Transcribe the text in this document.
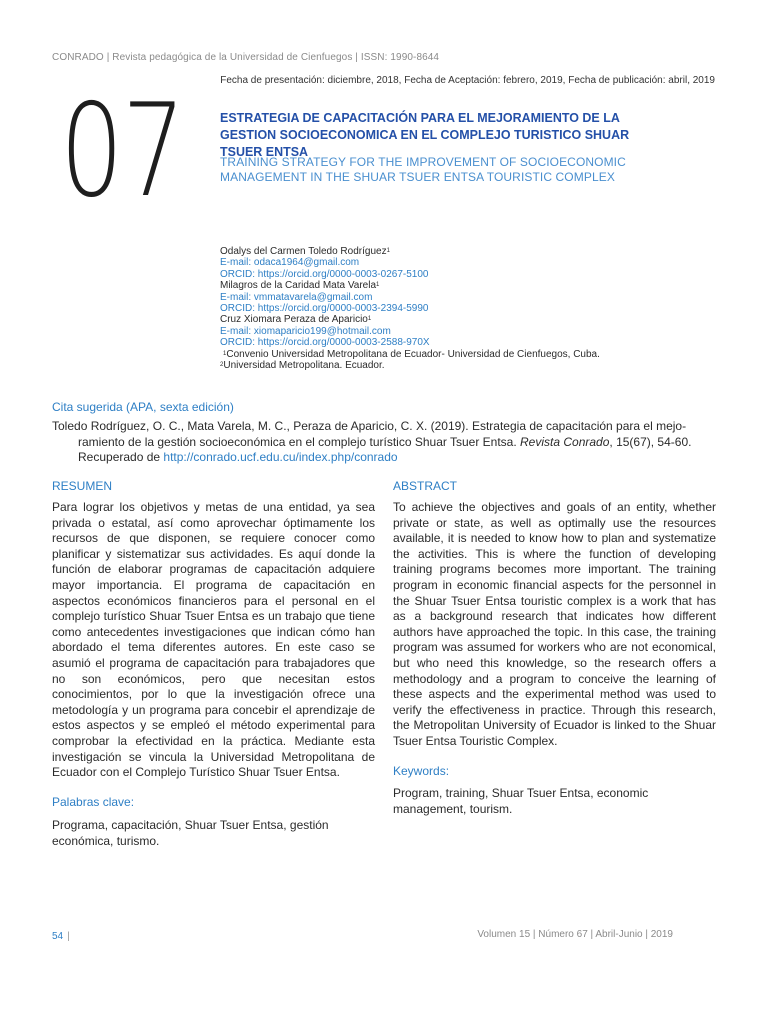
CONRADO | Revista pedagógica de la Universidad de Cienfuegos | ISSN: 1990-8644
Fecha de presentación: diciembre, 2018, Fecha de Aceptación: febrero, 2019, Fecha de publicación: abril, 2019
07	ESTRATEGIA DE CAPACITACIÓN PARA EL MEJORAMIENTO DE LA GESTION SOCIOECONOMICA EN EL COMPLEJO TURISTICO SHUAR TSUER ENTSA
TRAINING STRATEGY FOR THE IMPROVEMENT OF SOCIOECONOMIC MANAGEMENT IN THE SHUAR TSUER ENTSA TOURISTIC COMPLEX
Odalys del Carmen Toledo Rodríguez$^1$
E-mail: odaca1964@gmail.com
ORCID: https://orcid.org/0000-0003-0267-5100
Milagros de la Caridad Mata Varela$^1$
E-mail: vmmatavarela@gmail.com
ORCID: https://orcid.org/0000-0003-2394-5990
Cruz Xiomara Peraza de Aparicio$^1$
E-mail: xiomaparicio199@hotmail.com
ORCID: https://orcid.org/0000-0003-2588-970X
$^1$Convenio Universidad Metropolitana de Ecuador- Universidad de Cienfuegos, Cuba.
$^2$Universidad Metropolitana. Ecuador.
Cita sugerida (APA, sexta edición)
Toledo Rodríguez, O. C., Mata Varela, M. C., Peraza de Aparicio, C. X. (2019). Estrategia de capacitación para el mejo-
ramiento de la gestión socioeconómica en el complejo turístico Shuar Tsuer Entsa. Revista Conrado, 15(67), 54-60.
Recuperado de http://conrado.ucf.edu.cu/index.php/conrado
RESUMEN
Para lograr los objetivos y metas de una entidad, ya sea privada o estatal, así como aprovechar óptimamente los recursos de que disponen, se requiere conocer como planificar y sistematizar sus actividades. Es aquí donde la función de elaborar programas de capacitación adquiere mayor importancia. El programa de capacitación en aspectos económicos financieros para el personal en el complejo turístico Shuar Tsuer Entsa es un trabajo que tiene como antecedentes investigaciones que indican cómo han abordado el tema diferentes autores. En este caso se asumió el programa de capacitación para trabajadores que no son económicos, pero que necesitan estos conocimientos, por lo que la investigación ofrece una metodología y un programa para concebir el aprendizaje de estos aspectos y se empleó el método experimental para comprobar la efectividad en la práctica. Mediante esta investigación se vincula la Universidad Metropolitana de Ecuador con el Complejo Turístico Shuar Tsuer Entsa.
Palabras clave:
Programa, capacitación, Shuar Tsuer Entsa, gestión económica, turismo.
ABSTRACT
To achieve the objectives and goals of an entity, whether private or state, as well as optimally use the resources available, it is needed to know how to plan and systematize the activities. This is where the function of developing training programs becomes more important. The training program in economic financial aspects for the personnel in the Shuar Tsuer Entsa touristic complex is a work that has as a background research that indicates how different authors have approached the topic. In this case, the training program was assumed for workers who are not economical, but who need this knowledge, so the research offers a methodology and a program to conceive the learning of these aspects and the experimental method was used to verify the effectiveness in practice. Through this research, the Metropolitan University of Ecuador is linked to the Shuar Tsuer Entsa Touristic Complex.
Keywords:
Program, training, Shuar Tsuer Entsa, economic management, tourism.
54 |	Volumen 15 | Número 67 | Abril-Junio | 2019
